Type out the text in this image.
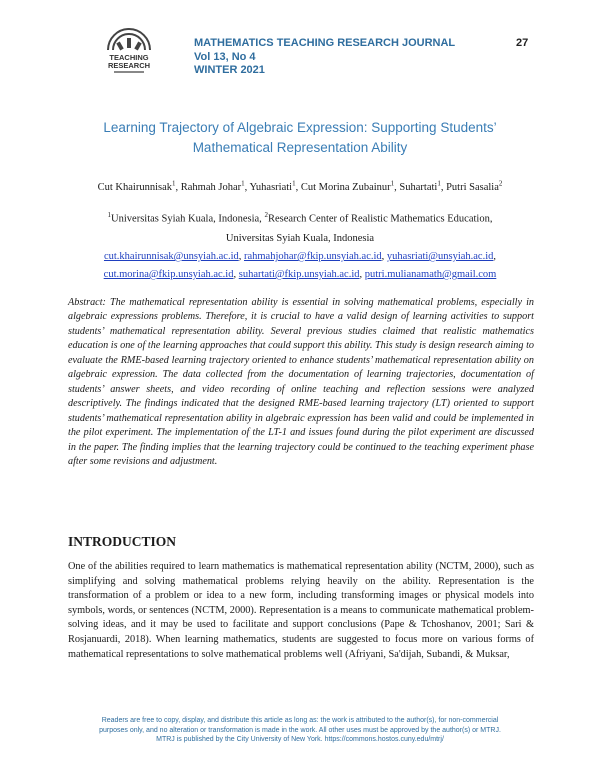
TEACHING
RESEARCH
MATHEMATICS TEACHING RESEARCH JOURNAL
Vol 13, No 4
WINTER 2021
27
Learning Trajectory of Algebraic Expression: Supporting Students’
Mathematical Representation Ability
Cut Khairunnisak$^1$, Rahmah Johar$^1$, Yuhasriati$^1$, Cut Morina Zubainur$^1$, Suhartati$^1$, Putri Sasalia$^2$
$^1$Universitas Syiah Kuala, Indonesia, $^2$Research Center of Realistic Mathematics Education,
Universitas Syiah Kuala, Indonesia
cut.khairunnisak@unsyiah.ac.id, rahmahjohar@fkip.unsyiah.ac.id, yuhasriati@unsyiah.ac.id,
cut.morina@fkip.unsyiah.ac.id, suhartati@fkip.unsyiah.ac.id, putri.mulianamath@gmail.com
Abstract: The mathematical representation ability is essential in solving mathematical problems, especially in algebraic expressions problems. Therefore, it is crucial to have a valid design of learning activities to support students’ mathematical representation ability. Several previous studies claimed that realistic mathematics education is one of the learning approaches that could support this ability. This study is design research aiming to evaluate the RME-based learning trajectory oriented to enhance students’ mathematical representation ability on algebraic expression. The data collected from the documentation of learning trajectories, documentation of students’ answer sheets, and video recording of online teaching and reflection sessions were analyzed descriptively. The findings indicated that the designed RME-based learning trajectory (LT) oriented to support students’ mathematical representation ability in algebraic expression has been valid and could be implemented in the pilot experiment. The implementation of the LT-1 and issues found during the pilot experiment are discussed in the paper. The finding implies that the learning trajectory could be continued to the teaching experiment phase after some revisions and adjustment.
INTRODUCTION
One of the abilities required to learn mathematics is mathematical representation ability (NCTM, 2000), such as simplifying and solving mathematical problems relying heavily on the ability. Representation is the transformation of a problem or idea to a new form, including transforming images or physical models into symbols, words, or sentences (NCTM, 2000). Representation is a means to communicate mathematical problem-solving ideas, and it may be used to facilitate and support conclusions (Pape & Tchoshanov, 2001; Sari & Rosjanuardi, 2018). When learning mathematics, students are suggested to focus more on various forms of mathematical representations to solve mathematical problems well (Afriyani, Sa'dijah, Subandi, & Muksar,
Readers are free to copy, display, and distribute this article as long as: the work is attributed to the author(s), for non-commercial
purposes only, and no alteration or transformation is made in the work. All other uses must be approved by the author(s) or MTRJ.
MTRJ is published by the City University of New York. https://commons.hostos.cuny.edu/mtrj/
